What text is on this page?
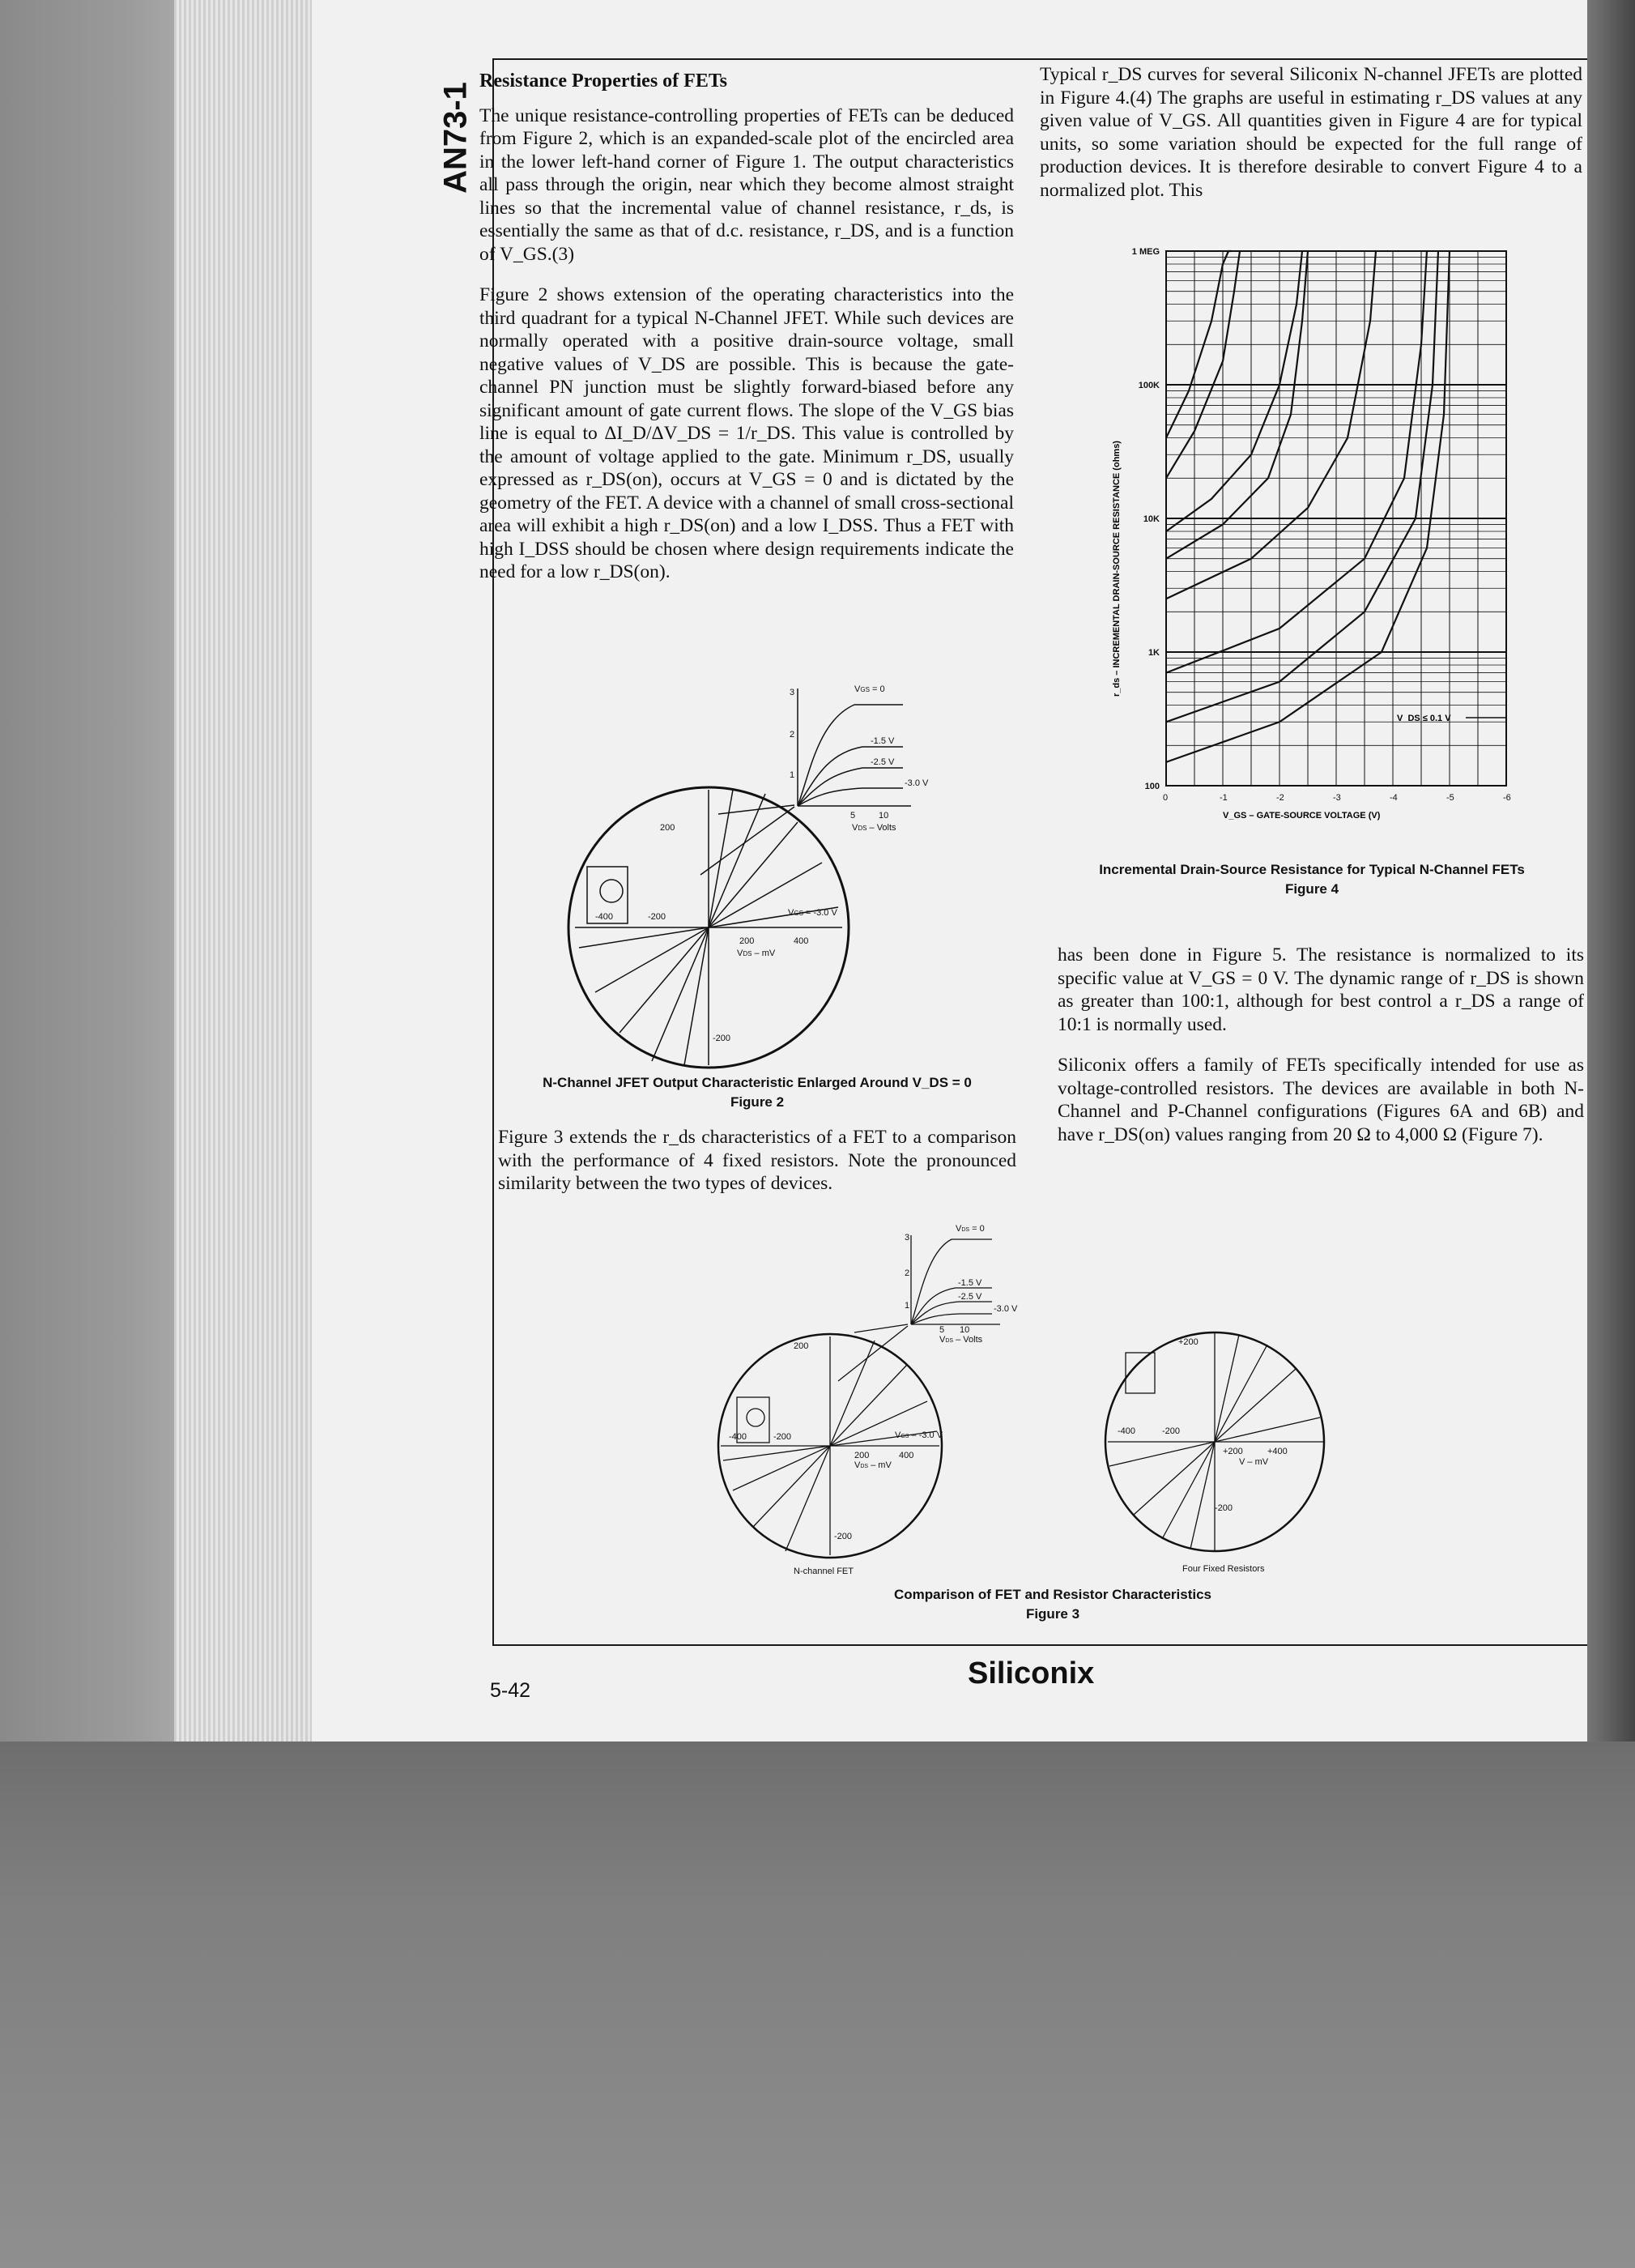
AN73-1
Resistance Properties of FETs

The unique resistance-controlling properties of FETs can be deduced from Figure 2, which is an expanded-scale plot of the encircled area in the lower left-hand corner of Figure 1. The output characteristics all pass through the origin, near which they become almost straight lines so that the incremental value of channel resistance, r_ds, is essentially the same as that of d.c. resistance, r_DS, and is a function of V_GS.(3)

Figure 2 shows extension of the operating characteristics into the third quadrant for a typical N-Channel JFET. While such devices are normally operated with a positive drain-source voltage, small negative values of V_DS are possible. This is because the gate-channel PN junction must be slightly forward-biased before any significant amount of gate current flows. The slope of the V_GS bias line is equal to ΔI_D/ΔV_DS = 1/r_DS. This value is controlled by the amount of voltage applied to the gate. Minimum r_DS, usually expressed as r_DS(on), occurs at V_GS = 0 and is dictated by the geometry of the FET. A device with a channel of small cross-sectional area will exhibit a high r_DS(on) and a low I_DSS. Thus a FET with high I_DSS should be chosen where design requirements indicate the need for a low r_DS(on).

3
2
1
VGS = 0
-1.5 V
-2.5 V
-3.0 V
5	10
VDS – Volts
200
VGS = -3.0 V
200	400
VDS – mV
-400	-200
-200
N-Channel JFET Output Characteristic Enlarged Around V_DS = 0
Figure 2

Figure 3 extends the r_ds characteristics of a FET to a comparison with the performance of 4 fixed resistors. Note the pronounced similarity between the two types of devices.

Typical r_DS curves for several Siliconix N-channel JFETs are plotted in Figure 4.(4) The graphs are useful in estimating r_DS values at any given value of V_GS. All quantities given in Figure 4 are for typical units, so some variation should be expected for the full range of production devices. It is therefore desirable to convert Figure 4 to a normalized plot. This

0	-1	-2	-3	-4	-5	-6
100
1K
10K
100K
1 MEG
r_ds – INCREMENTAL DRAIN-SOURCE RESISTANCE (ohms)
V_GS – GATE-SOURCE VOLTAGE (V)
V_DS ≤ 0.1 V
Incremental Drain-Source Resistance for Typical N-Channel FETs
Figure 4

has been done in Figure 5. The resistance is normalized to its specific value at V_GS = 0 V. The dynamic range of r_DS is shown as greater than 100:1, although for best control a r_DS a range of 10:1 is normally used.

Siliconix offers a family of FETs specifically intended for use as voltage-controlled resistors. The devices are available in both N-Channel and P-Channel configurations (Figures 6A and 6B) and have r_DS(on) values ranging from 20 Ω to 4,000 Ω (Figure 7).

3
2
1
VDS = 0
-1.5 V
-2.5 V
-3.0 V
5 10
VDS – Volts
200
VGS – -3.0 V
200	400
VDS – mV
-400	-200
-200
N-channel FET
+200
-400	-200
+200	+400
V – mV
-200
Four Fixed Resistors
Comparison of FET and Resistor Characteristics
Figure 3
5-42	Siliconix
